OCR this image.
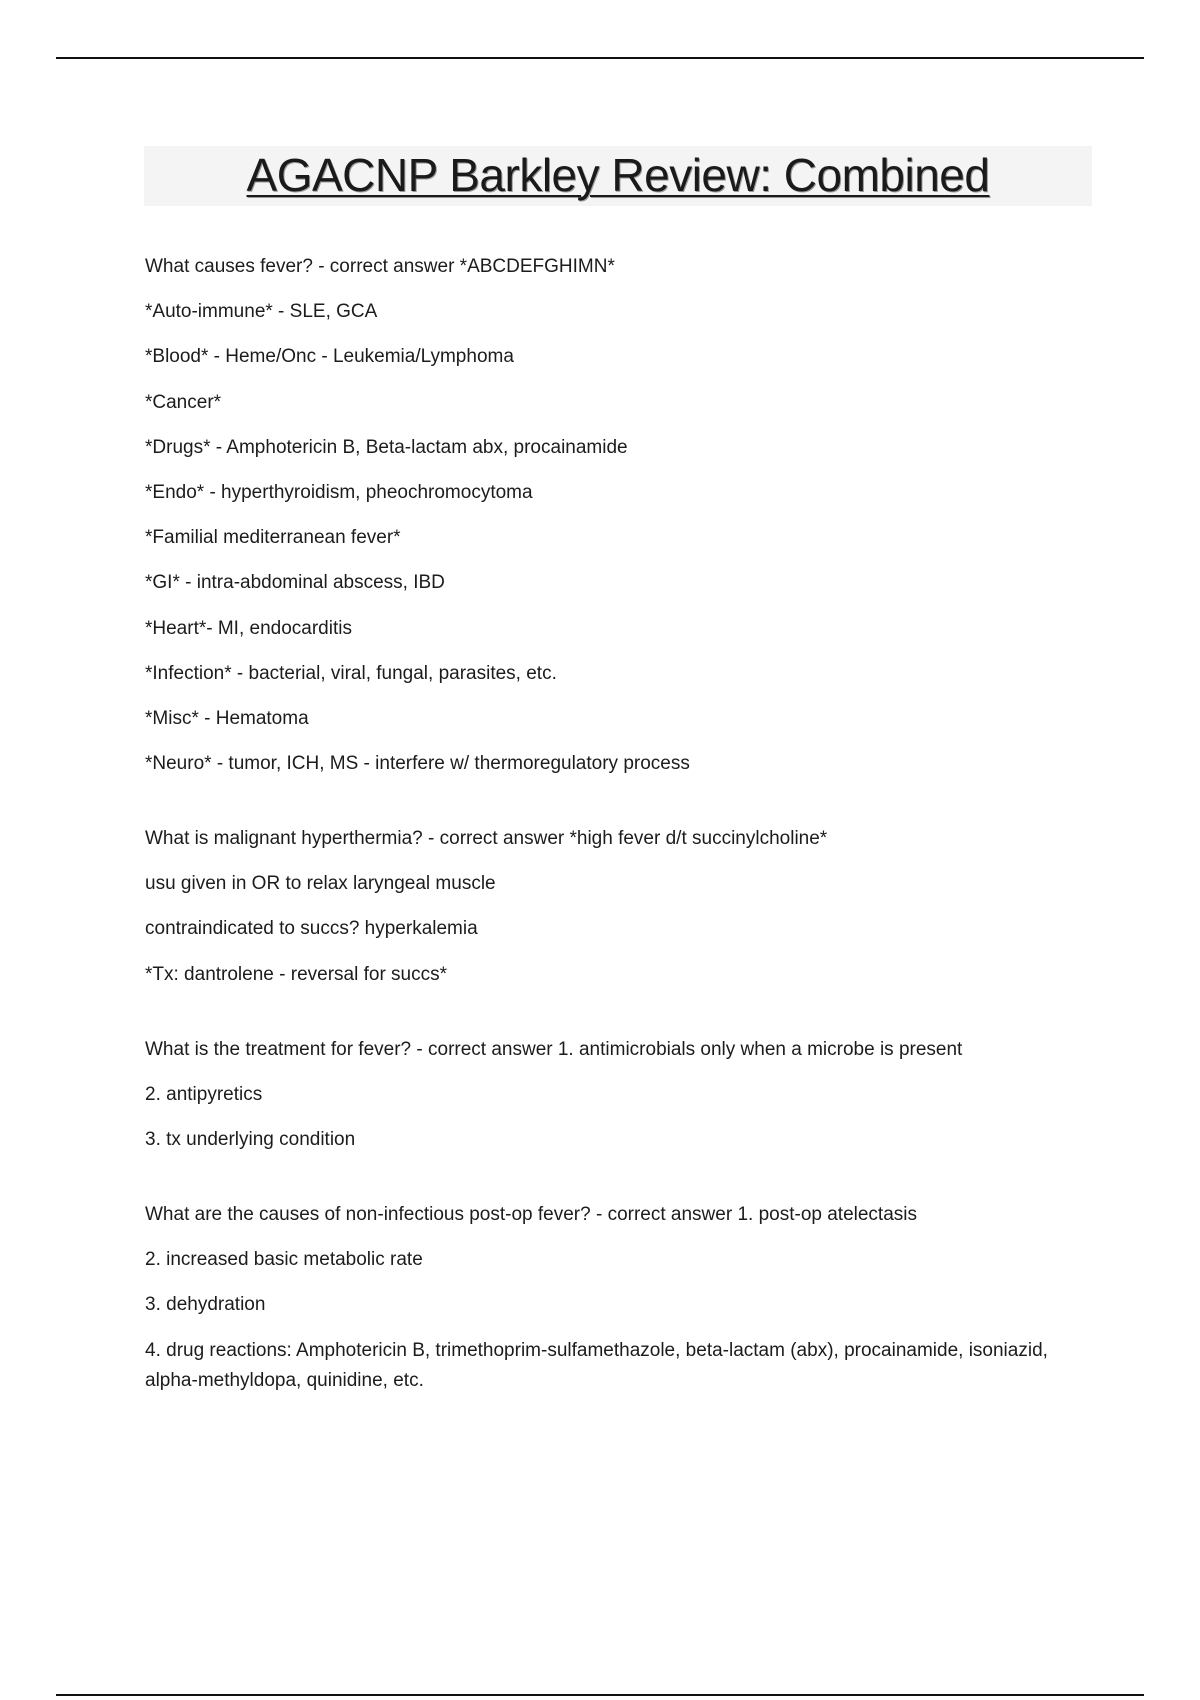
AGACNP Barkley Review: Combined
What causes fever? - correct answer *ABCDEFGHIMN*
*Auto-immune* - SLE, GCA
*Blood* - Heme/Onc - Leukemia/Lymphoma
*Cancer*
*Drugs* - Amphotericin B, Beta-lactam abx, procainamide
*Endo* - hyperthyroidism, pheochromocytoma
*Familial mediterranean fever*
*GI* - intra-abdominal abscess, IBD
*Heart*- MI, endocarditis
*Infection* - bacterial, viral, fungal, parasites, etc.
*Misc* - Hematoma
*Neuro* - tumor, ICH, MS - interfere w/ thermoregulatory process
What is malignant hyperthermia? - correct answer *high fever d/t succinylcholine*
usu given in OR to relax laryngeal muscle
contraindicated to succs? hyperkalemia
*Tx: dantrolene - reversal for succs*
What is the treatment for fever? - correct answer 1. antimicrobials only when a microbe is present
2. antipyretics
3. tx underlying condition
What are the causes of non-infectious post-op fever? - correct answer 1. post-op atelectasis
2. increased basic metabolic rate
3. dehydration
4. drug reactions: Amphotericin B, trimethoprim-sulfamethazole, beta-lactam (abx), procainamide, isoniazid, alpha-methyldopa, quinidine, etc.
